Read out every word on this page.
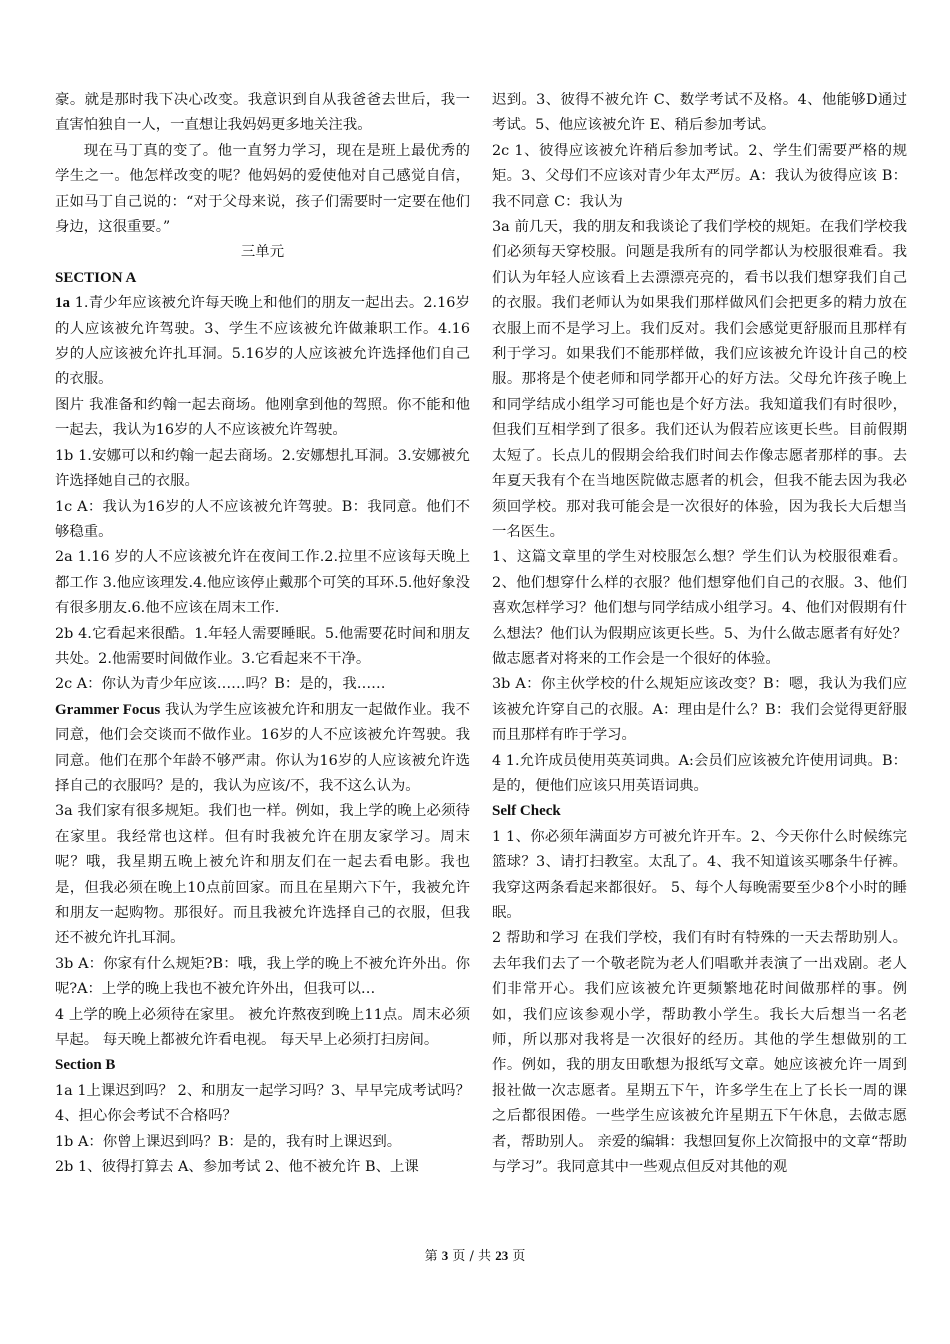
豪。就是那时我下决心改变。我意识到自从我爸爸去世后，我一直害怕独自一人，一直想让我妈妈更多地关注我。

现在马丁真的变了。他一直努力学习，现在是班上最优秀的学生之一。他怎样改变的呢？他妈妈的爱使他对自己感觉自信，正如马丁自己说的：“对于父母来说，孩子们需要时一定要在他们身边，这很重要。”

三单元

SECTION A

1a 1.青少年应该被允许每天晚上和他们的朋友一起出去。2.16岁的人应该被允许驾驶。3、学生不应该被允许做兼职工作。4.16岁的人应该被允许扎耳洞。5.16岁的人应该被允许选择他们自己的衣服。

图片 我准备和约翰一起去商场。他刚拿到他的驾照。你不能和他一起去，我认为16岁的人不应该被允许驾驶。

1b 1.安娜可以和约翰一起去商场。2.安娜想扎耳洞。3.安娜被允许选择她自己的衣服。

1c A：我认为16岁的人不应该被允许驾驶。B：我同意。他们不够稳重。

2a 1.16 岁的人不应该被允许在夜间工作.2.拉里不应该每天晚上都工作 3.他应该理发.4.他应该停止戴那个可笑的耳环.5.他好象没有很多朋友.6.他不应该在周末工作.

2b 4.它看起来很酷。1.年轻人需要睡眠。5.他需要花时间和朋友共处。2.他需要时间做作业。3.它看起来不干净。

2c A：你认为青少年应该……吗？B：是的，我……

Grammer Focus 我认为学生应该被允许和朋友一起做作业。我不同意，他们会交谈而不做作业。16岁的人不应该被允许驾驶。我同意。他们在那个年龄不够严肃。你认为16岁的人应该被允许选择自己的衣服吗？是的，我认为应该/不，我不这么认为。

3a 我们家有很多规矩。我们也一样。例如，我上学的晚上必须待在家里。我经常也这样。但有时我被允许在朋友家学习。周末呢？哦，我星期五晚上被允许和朋友们在一起去看电影。我也是，但我必须在晚上10点前回家。而且在星期六下午，我被允许和朋友一起购物。那很好。而且我被允许选择自己的衣服，但我还不被允许扎耳洞。

3b A：你家有什么规矩?B：哦，我上学的晚上不被允许外出。你呢?A：上学的晚上我也不被允许外出，但我可以…

4 上学的晚上必须待在家里。 被允许熬夜到晚上11点。周末必须早起。 每天晚上都被允许看电视。 每天早上必须打扫房间。

Section B

1a 1上课迟到吗？ 2、和朋友一起学习吗？3、早早完成考试吗？4、担心你会考试不合格吗？

1b A：你曾上课迟到吗？B：是的，我有时上课迟到。

2b 1、彼得打算去 A、参加考试 2、他不被允许 B、上课

迟到。3、彼得不被允许 C、数学考试不及格。4、他能够D通过考试。5、他应该被允许 E、稍后参加考试。

2c 1、彼得应该被允许稍后参加考试。2、学生们需要严格的规矩。3、父母们不应该对青少年太严厉。A：我认为彼得应该 B：我不同意 C：我认为

3a 前几天，我的朋友和我谈论了我们学校的规矩。在我们学校我们必须每天穿校服。问题是我所有的同学都认为校服很难看。我们认为年轻人应该看上去漂漂亮亮的，看书以我们想穿我们自己的衣服。我们老师认为如果我们那样做风们会把更多的精力放在衣服上而不是学习上。我们反对。我们会感觉更舒服而且那样有利于学习。如果我们不能那样做，我们应该被允许设计自己的校服。那将是个使老师和同学都开心的好方法。父母允许孩子晚上和同学结成小组学习可能也是个好方法。我知道我们有时很吵，但我们互相学到了很多。我们还认为假若应该更长些。目前假期太短了。长点儿的假期会给我们时间去作像志愿者那样的事。去年夏天我有个在当地医院做志愿者的机会，但我不能去因为我必须回学校。那对我可能会是一次很好的体验，因为我长大后想当一名医生。

1、这篇文章里的学生对校服怎么想？学生们认为校服很难看。2、他们想穿什么样的衣服？他们想穿他们自己的衣服。3、他们喜欢怎样学习？他们想与同学结成小组学习。4、他们对假期有什么想法？他们认为假期应该更长些。5、为什么做志愿者有好处？做志愿者对将来的工作会是一个很好的体验。

3b A：你主伙学校的什么规矩应该改变？B：嗯，我认为我们应该被允许穿自己的衣服。A：理由是什么？B：我们会觉得更舒服而且那样有昨于学习。

4 1.允许成员使用英英词典。A:会员们应该被允许使用词典。B：是的，便他们应该只用英语词典。

Self Check

1 1、你必须年满面岁方可被允许开车。2、今天你什么时候练完篮球？3、请打扫教室。太乱了。4、我不知道该买哪条牛仔裤。我穿这两条看起来都很好。 5、每个人每晚需要至少8个小时的睡眠。

2 帮助和学习 在我们学校，我们有时有特殊的一天去帮助别人。去年我们去了一个敬老院为老人们唱歌并表演了一出戏剧。老人们非常开心。我们应该被允许更频繁地花时间做那样的事。例如，我们应该参观小学，帮助教小学生。我长大后想当一名老师，所以那对我将是一次很好的经历。其他的学生想做别的工作。例如，我的朋友田歌想为报纸写文章。她应该被允许一周到报社做一次志愿者。星期五下午，许多学生在上了长长一周的课之后都很困倦。一些学生应该被允许星期五下午休息，去做志愿者，帮助别人。 亲爱的编辑：我想回复你上次简报中的文章“帮助与学习”。我同意其中一些观点但反对其他的观

第 3 页 / 共 23 页
